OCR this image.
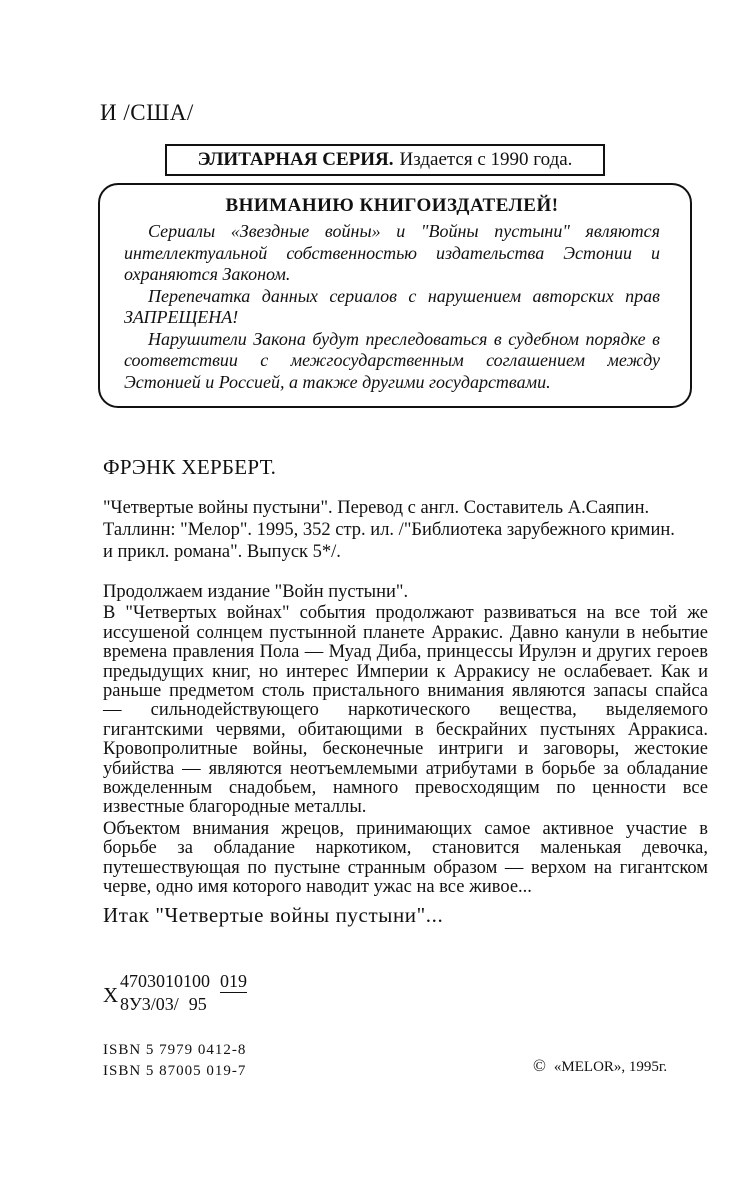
И /США/
ЭЛИТАРНАЯ СЕРИЯ. Издается с 1990 года.
ВНИМАНИЮ КНИГОИЗДАТЕЛЕЙ!

Сериалы «Звездные войны» и "Войны пустыни" являются интеллектуальной собственностью издательства Эстонии и охраняются Законом.

Перепечатка данных сериалов с нарушением авторских прав ЗАПРЕЩЕНА!

Нарушители Закона будут преследоваться в судебном порядке в соответствии с межгосударственным соглашением между Эстонией и Россией, а также другими государствами.

ФРЭНК ХЕРБЕРТ.
"Четвертые войны пустыни". Перевод с англ. Составитель А.Саяпин.
Таллинн: "Мелор". 1995, 352 стр. ил. /"Библиотека зарубежного кримин.
и прикл. романа". Выпуск 5*/.

Продолжаем издание "Войн пустыни".

В "Четвертых войнах" события продолжают развиваться на все той же иссушеной солнцем пустынной планете Арракис. Давно канули в небытие времена правления Пола — Муад Диба, принцессы Ирулэн и других героев предыдущих книг, но интерес Империи к Арракису не ослабевает. Как и раньше предметом столь пристального внимания являются запасы спайса — сильнодействующего наркотического вещества, выделяемого гигантскими червями, обитающими в бескрайних пустынях Арракиса. Кровопролитные войны, бесконечные интриги и заговоры, жестокие убийства — являются неотъемлемыми атрибутами в борьбе за обладание вожделенным снадобьем, намного превосходящим по ценности все известные благородные металлы.

Объектом внимания жрецов, принимающих самое активное участие в борьбе за обладание наркотиком, становится маленькая девочка, путешествующая по пустыне странным образом — верхом на гигантском черве, одно имя которого наводит ужас на все живое...

Итак "Четвертые войны пустыни"...
Х
4703010100 019
8У3/03/ 95
ISBN 5 7979 0412-8
ISBN 5 87005 019-7	© «MELOR», 1995г.
